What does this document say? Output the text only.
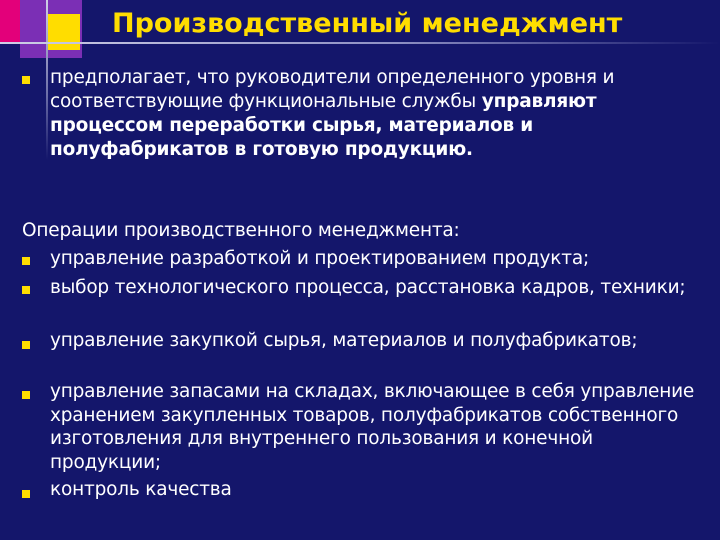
Производственный менеджмент
предполагает, что руководители определенного уровня и соответствующие функциональные службы управляют процессом переработки сырья, материалов и полуфабрикатов в готовую продукцию.
Операции производственного менеджмента:
управление разработкой и проектированием продукта;
выбор технологического процесса, расстановка кадров, техники;
управление закупкой сырья, материалов и полуфабрикатов;
управление запасами на складах, включающее в себя управление хранением закупленных товаров, полуфабрикатов собственного изготовления для внутреннего пользования и конечной продукции;
контроль качества
